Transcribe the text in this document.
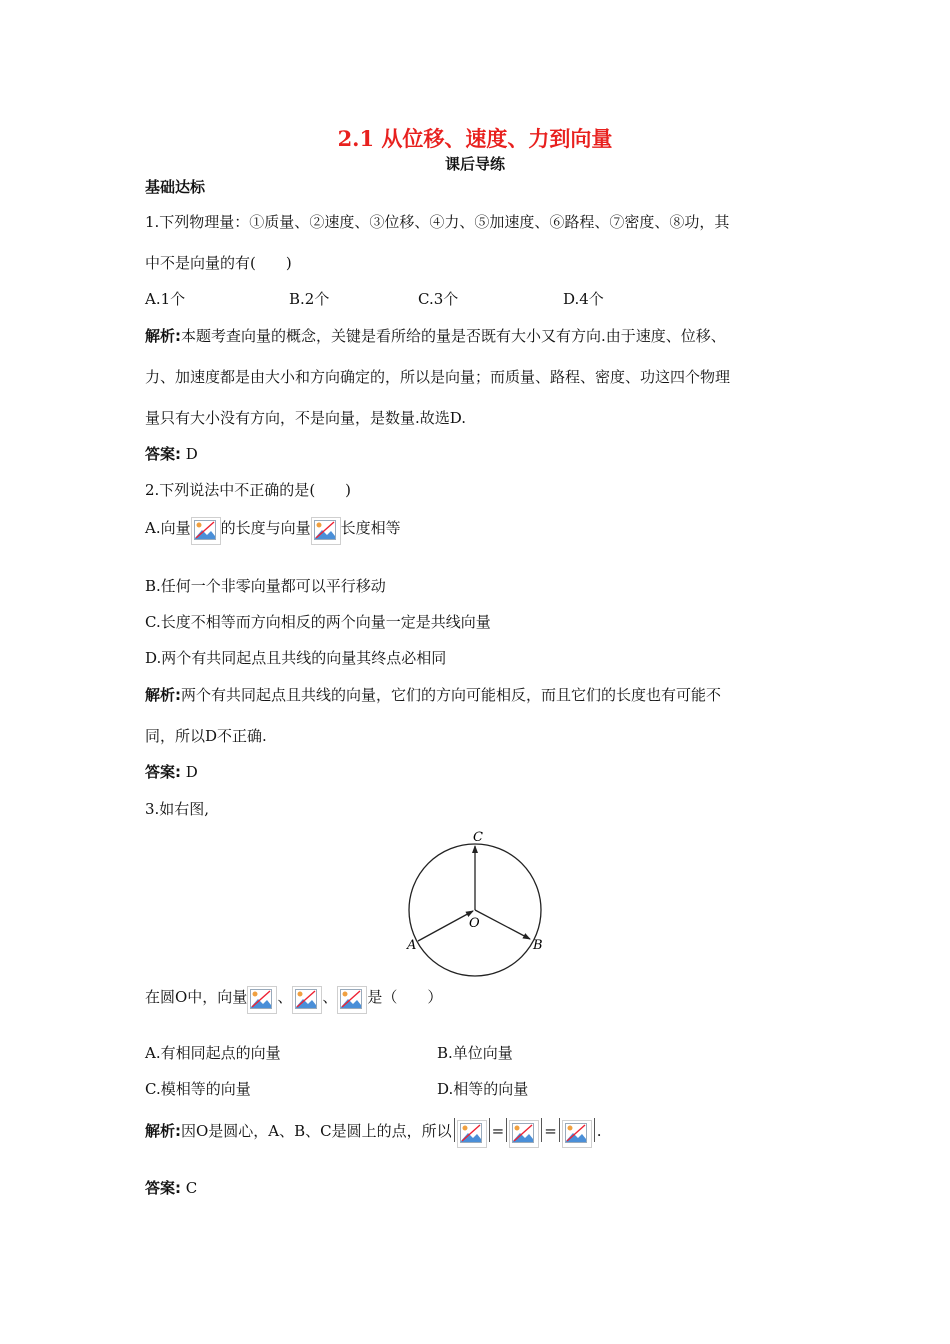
2.1 从位移、速度、力到向量
课后导练
基础达标
1.下列物理量：①质量、②速度、③位移、④力、⑤加速度、⑥路程、⑦密度、⑧功，其
中不是向量的有(　　)
A.1个	B.2个	C.3个	D.4个
解析:本题考查向量的概念，关键是看所给的量是否既有大小又有方向.由于速度、位移、
力、加速度都是由大小和方向确定的，所以是向量；而质量、路程、密度、功这四个物理
量只有大小没有方向，不是向量，是数量.故选D.
答案: D
2.下列说法中不正确的是(　　)
A.向量 的长度与向量 长度相等
B.任何一个非零向量都可以平行移动
C.长度不相等而方向相反的两个向量一定是共线向量
D.两个有共同起点且共线的向量其终点必相同
解析:两个有共同起点且共线的向量，它们的方向可能相反，而且它们的长度也有可能不
同，所以D不正确.
答案: D
3.如右图,
C
O
A	B
在圆O中，向量 、 、 是（　　）
A.有相同起点的向量	B.单位向量
C.模相等的向量	D.相等的向量
解析:因O是圆心，A、B、C是圆上的点，所以	=	=	.
答案: C
